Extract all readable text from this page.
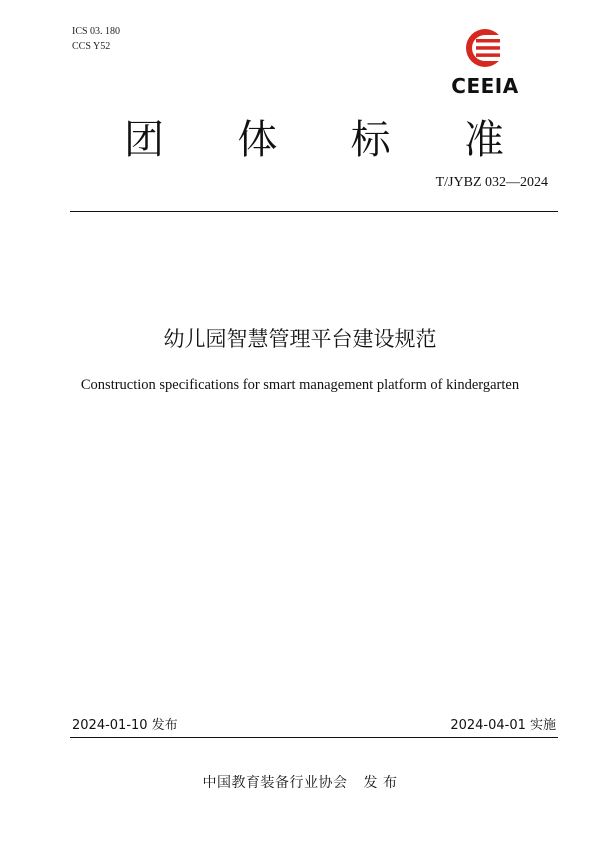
ICS 03. 180
CCS Y52
CEEIA
团 体 标 准
T/JYBZ 032—2024
幼儿园智慧管理平台建设规范
Construction specifications for smart management platform of kindergarten
2024-01-10 发布	2024-04-01 实施
中国教育装备行业协会 发 布
